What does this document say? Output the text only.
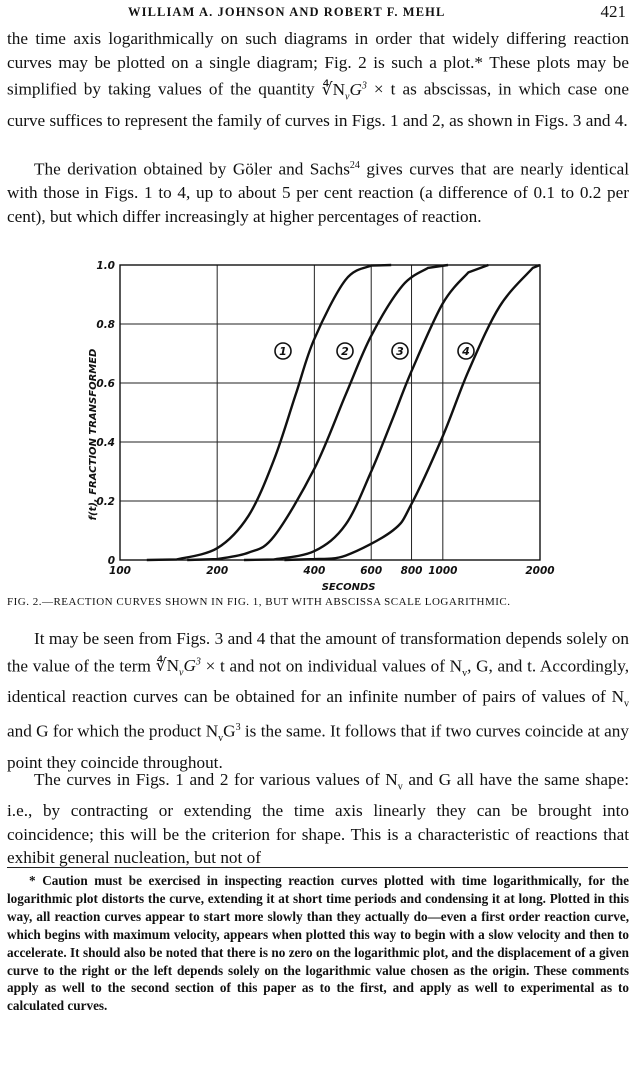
WILLIAM A. JOHNSON AND ROBERT F. MEHL	421

the time axis logarithmically on such diagrams in order that widely differing reaction curves may be plotted on a single diagram; Fig. 2 is such a plot.* These plots may be simplified by taking values of the quantity $∜N_vG^3 \times t$ as abscissas, in which case one curve suffices to represent the family of curves in Figs. 1 and 2, as shown in Figs. 3 and 4.

The derivation obtained by Göler and Sachs$^{24}$ gives curves that are nearly identical with those in Figs. 1 to 4, up to about 5 per cent reaction (a difference of 0.1 to 0.2 per cent), but which differ increasingly at higher percentages of reaction.

100	200	400	600 800 1000	2000
0
0.2
0.4
0.6
0.8
1.0
SECONDS
f(t), FRACTION TRANSFORMED	1	2	3	4
FIG. 2.—REACTION CURVES SHOWN IN FIG. 1, BUT WITH ABSCISSA SCALE LOGARITHMIC.

It may be seen from Figs. 3 and 4 that the amount of transformation depends solely on the value of the term $∜N_vG^3 \times t$ and not on individual values of $N_v$, G, and t. Accordingly, identical reaction curves can be obtained for an infinite number of pairs of values of $N_v$ and G for which the product $N_vG^3$ is the same. It follows that if two curves coincide at any point they coincide throughout.

The curves in Figs. 1 and 2 for various values of $N_v$ and G all have the same shape: i.e., by contracting or extending the time axis linearly they can be brought into coincidence; this will be the criterion for shape. This is a characteristic of reactions that exhibit general nucleation, but not of

* Caution must be exercised in inspecting reaction curves plotted with time logarithmically, for the logarithmic plot distorts the curve, extending it at short time periods and condensing it at long. Plotted in this way, all reaction curves appear to start more slowly than they actually do—even a first order reaction curve, which begins with maximum velocity, appears when plotted this way to begin with a slow velocity and then to accelerate. It should also be noted that there is no zero on the logarithmic plot, and the displacement of a given curve to the right or the left depends solely on the logarithmic value chosen as the origin. These comments apply as well to the second section of this paper as to the first, and apply as well to experimental as to calculated curves.
